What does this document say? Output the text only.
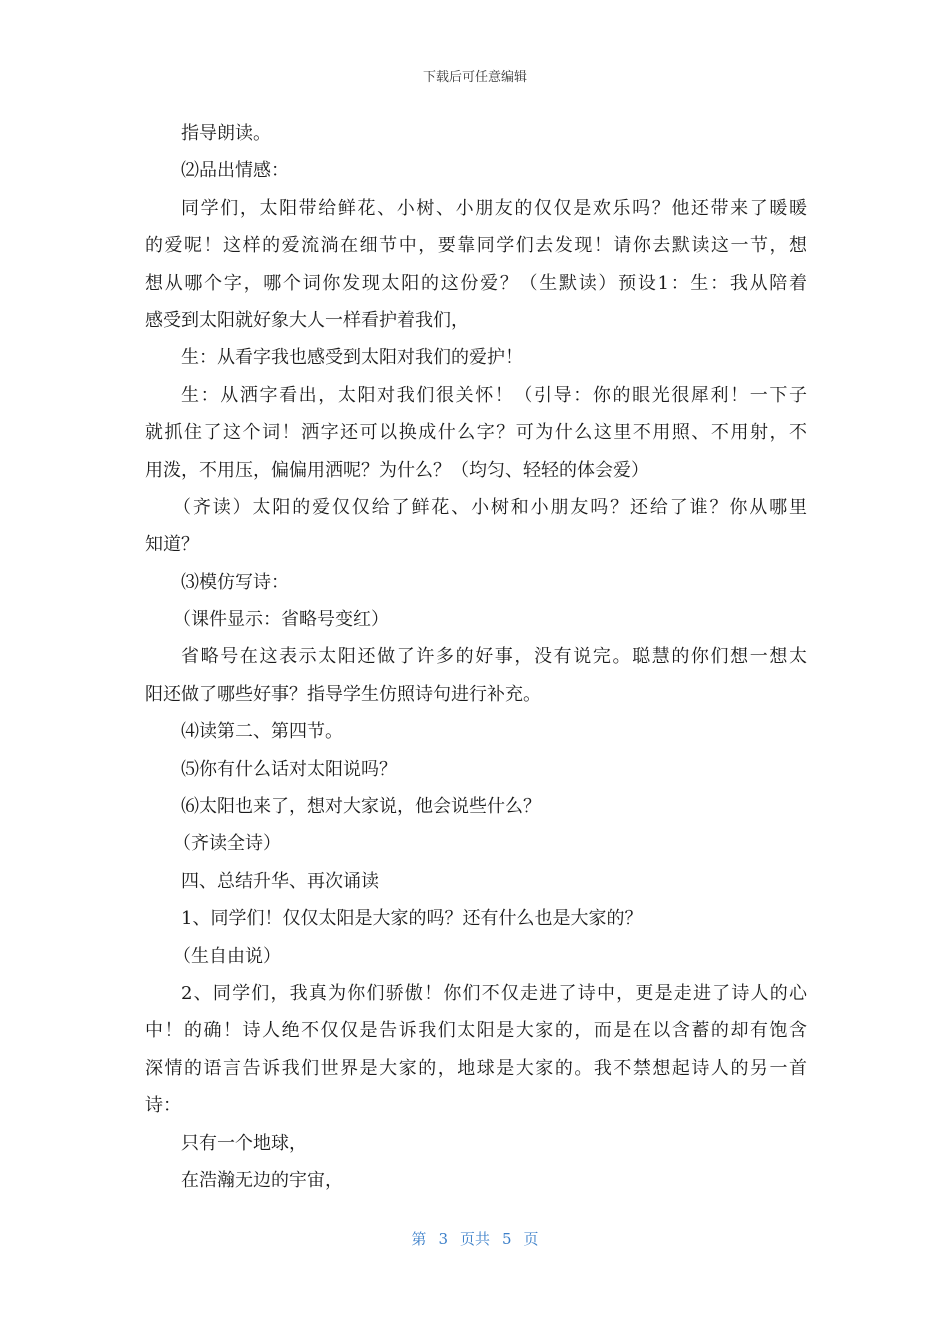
下载后可任意编辑
指导朗读。
⑵品出情感：
同学们，太阳带给鲜花、小树、小朋友的仅仅是欢乐吗？他还带来了暖暖
的爱呢！这样的爱流淌在细节中，要靠同学们去发现！请你去默读这一节，想
想从哪个字，哪个词你发现太阳的这份爱？（生默读）预设1：生：我从陪着
感受到太阳就好象大人一样看护着我们，
生：从看字我也感受到太阳对我们的爱护！
生：从洒字看出，太阳对我们很关怀！（引导：你的眼光很犀利！一下子
就抓住了这个词！洒字还可以换成什么字？可为什么这里不用照、不用射，不
用泼，不用压，偏偏用洒呢？为什么？（均匀、轻轻的体会爱）
（齐读）太阳的爱仅仅给了鲜花、小树和小朋友吗？还给了谁？你从哪里
知道？
⑶模仿写诗：
（课件显示：省略号变红）
省略号在这表示太阳还做了许多的好事，没有说完。聪慧的你们想一想太
阳还做了哪些好事？指导学生仿照诗句进行补充。
⑷读第二、第四节。
⑸你有什么话对太阳说吗？
⑹太阳也来了，想对大家说，他会说些什么？
（齐读全诗）
四、总结升华、再次诵读
1、同学们！仅仅太阳是大家的吗？还有什么也是大家的？
（生自由说）
2、同学们，我真为你们骄傲！你们不仅走进了诗中，更是走进了诗人的心
中！的确！诗人绝不仅仅是告诉我们太阳是大家的，而是在以含蓄的却有饱含
深情的语言告诉我们世界是大家的，地球是大家的。我不禁想起诗人的另一首
诗：
只有一个地球，
在浩瀚无边的宇宙，
第 3 页共 5 页
